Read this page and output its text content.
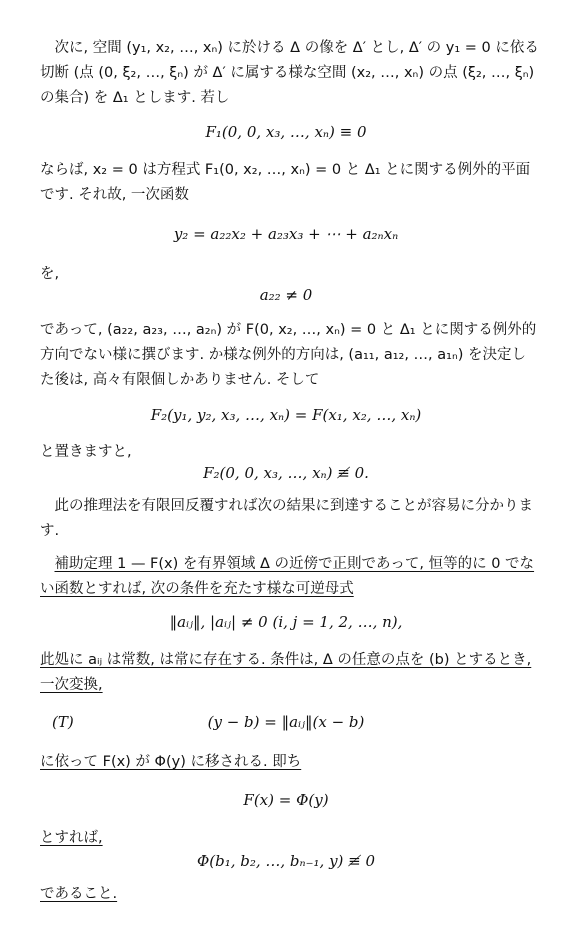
次に, 空間 (y₁, x₂, …, xₙ) に於ける Δ の像を Δ′ とし, Δ′ の y₁ = 0 に依る 切断 (点 (0, ξ₂, …, ξₙ) が Δ′ に属する様な空間 (x₂, …, xₙ) の点 (ξ₂, …, ξₙ) の集合) を Δ₁ とします. 若し

F₁(0, 0, x₃, …, xₙ) ≡ 0

ならば, x₂ = 0 は方程式 F₁(0, x₂, …, xₙ) = 0 と Δ₁ とに関する例外的平面です. それ故, 一次函数

y₂ = a₂₂x₂ + a₂₃x₃ + ⋯ + a₂ₙxₙ

を,

a₂₂ ≠ 0

であって, (a₂₂, a₂₃, …, a₂ₙ) が F(0, x₂, …, xₙ) = 0 と Δ₁ とに関する例外的方向でない様に撰びます. か様な例外的方向は, (a₁₁, a₁₂, …, a₁ₙ) を決定した後は, 高々有限個しかありません. そして

F₂(y₁, y₂, x₃, …, xₙ) = F(x₁, x₂, …, xₙ)

と置きますと,

F₂(0, 0, x₃, …, xₙ) ≢ 0.

此の推理法を有限回反覆すれば次の結果に到達することが容易に分かります.

補助定理 1 — F(x) を有界領域 Δ の近傍で正則であって, 恒等的に 0 でない函数とすれば, 次の条件を充たす様な可逆母式

‖aᵢⱼ‖, |aᵢⱼ| ≠ 0 (i, j = 1, 2, …, n),

此処に aᵢⱼ は常数, は常に存在する. 条件は, Δ の任意の点を (b) とするとき, 一次変換,

(T)	(y − b) = ‖aᵢⱼ‖(x − b)

に依って F(x) が Φ(y) に移される. 即ち

F(x) = Φ(y)

とすれば,

Φ(b₁, b₂, …, bₙ₋₁, y) ≢ 0

であること.
